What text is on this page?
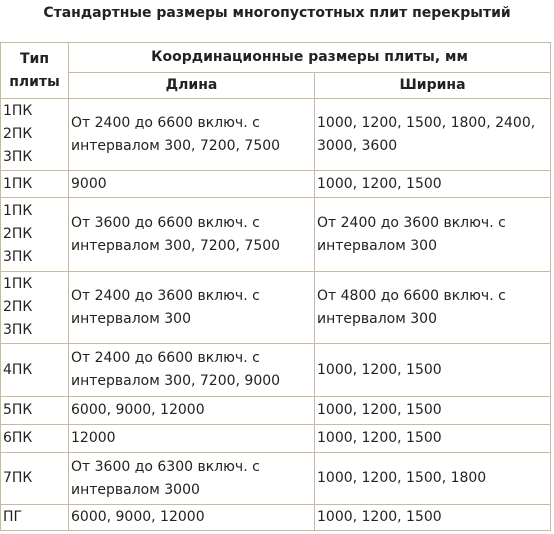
Стандартные размеры многопустотных плит перекрытий
Тип плиты	Координационные размеры плиты, мм	
	Длина	Ширина
1ПК 2ПК 3ПК	От 2400 до 6600 включ. с интервалом 300, 7200, 7500	1000, 1200, 1500, 1800, 2400, 3000, 3600
1ПК	9000	1000, 1200, 1500
1ПК 2ПК 3ПК	От 3600 до 6600 включ. с интервалом 300, 7200, 7500	От 2400 до 3600 включ. с интервалом 300
1ПК 2ПК 3ПК	От 2400 до 3600 включ. с интервалом 300	От 4800 до 6600 включ. с интервалом 300
4ПК	От 2400 до 6600 включ. с интервалом 300, 7200, 9000	1000, 1200, 1500
5ПК	6000, 9000, 12000	1000, 1200, 1500
6ПК	12000	1000, 1200, 1500
7ПК	От 3600 до 6300 включ. с интервалом 3000	1000, 1200, 1500, 1800
ПГ	6000, 9000, 12000	1000, 1200, 1500
